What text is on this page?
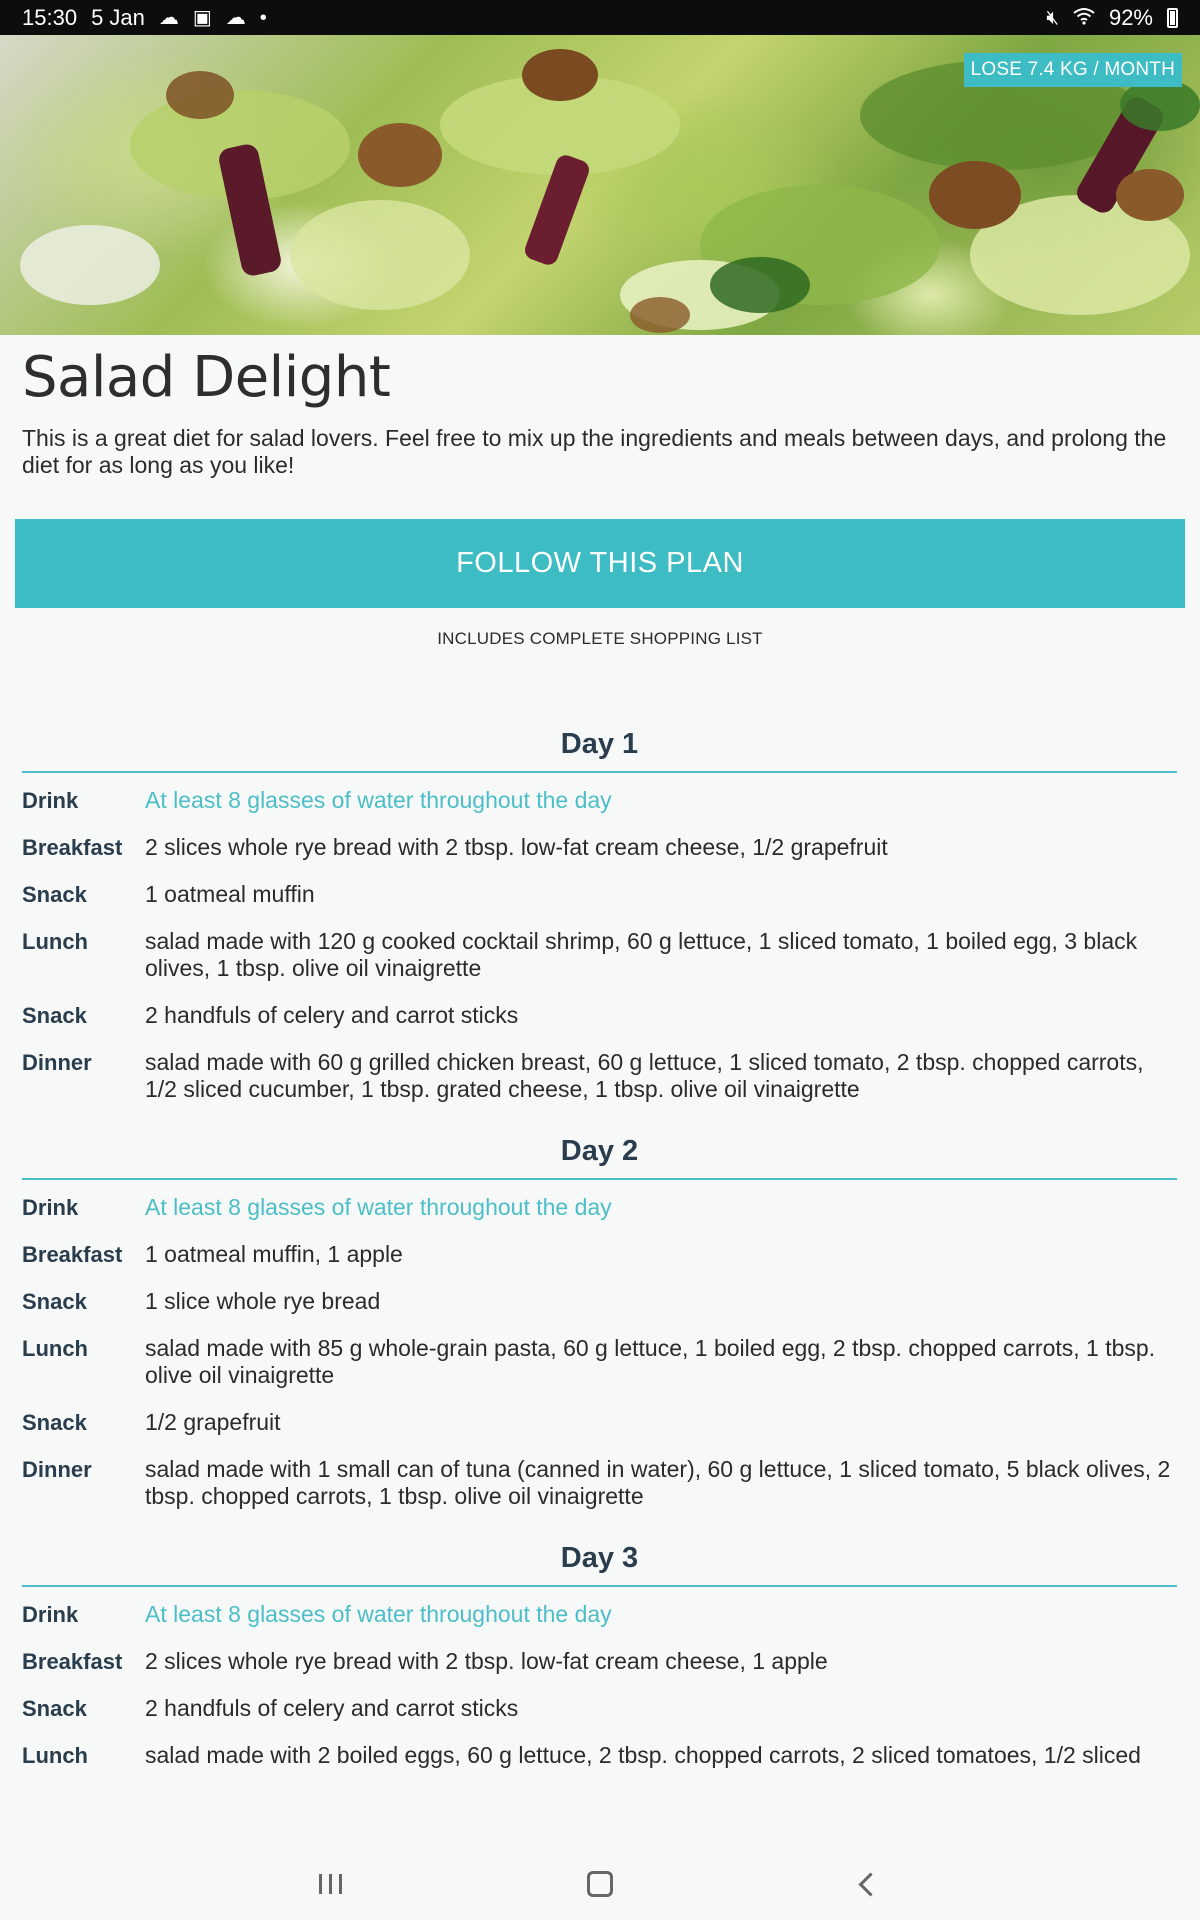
15:30 5 Jan ☁ ▣ ☁ •	🔇︎ 92%
LOSE 7.4 KG / MONTH
Salad Delight

This is a great diet for salad lovers. Feel free to mix up the ingredients and meals between days, and prolong the diet for as long as you like!

FOLLOW THIS PLAN
INCLUDES COMPLETE SHOPPING LIST
Day 1
Drink	At least 8 glasses of water throughout the day
Breakfast 2 slices whole rye bread with 2 tbsp. low-fat cream cheese, 1/2 grapefruit
Snack	1 oatmeal muffin
Lunch	salad made with 120 g cooked cocktail shrimp, 60 g lettuce, 1 sliced tomato, 1 boiled egg, 3 black olives, 1 tbsp. olive oil vinaigrette
Snack	2 handfuls of celery and carrot sticks
Dinner	salad made with 60 g grilled chicken breast, 60 g lettuce, 1 sliced tomato, 2 tbsp. chopped carrots, 1/2 sliced cucumber, 1 tbsp. grated cheese, 1 tbsp. olive oil vinaigrette
Day 2
Drink	At least 8 glasses of water throughout the day
Breakfast 1 oatmeal muffin, 1 apple
Snack	1 slice whole rye bread
Lunch	salad made with 85 g whole-grain pasta, 60 g lettuce, 1 boiled egg, 2 tbsp. chopped carrots, 1 tbsp. olive oil vinaigrette
Snack	1/2 grapefruit
Dinner	salad made with 1 small can of tuna (canned in water), 60 g lettuce, 1 sliced tomato, 5 black olives, 2 tbsp. chopped carrots, 1 tbsp. olive oil vinaigrette
Day 3
Drink	At least 8 glasses of water throughout the day
Breakfast 2 slices whole rye bread with 2 tbsp. low-fat cream cheese, 1 apple
Snack	2 handfuls of celery and carrot sticks
Lunch	salad made with 2 boiled eggs, 60 g lettuce, 2 tbsp. chopped carrots, 2 sliced tomatoes, 1/2 sliced
